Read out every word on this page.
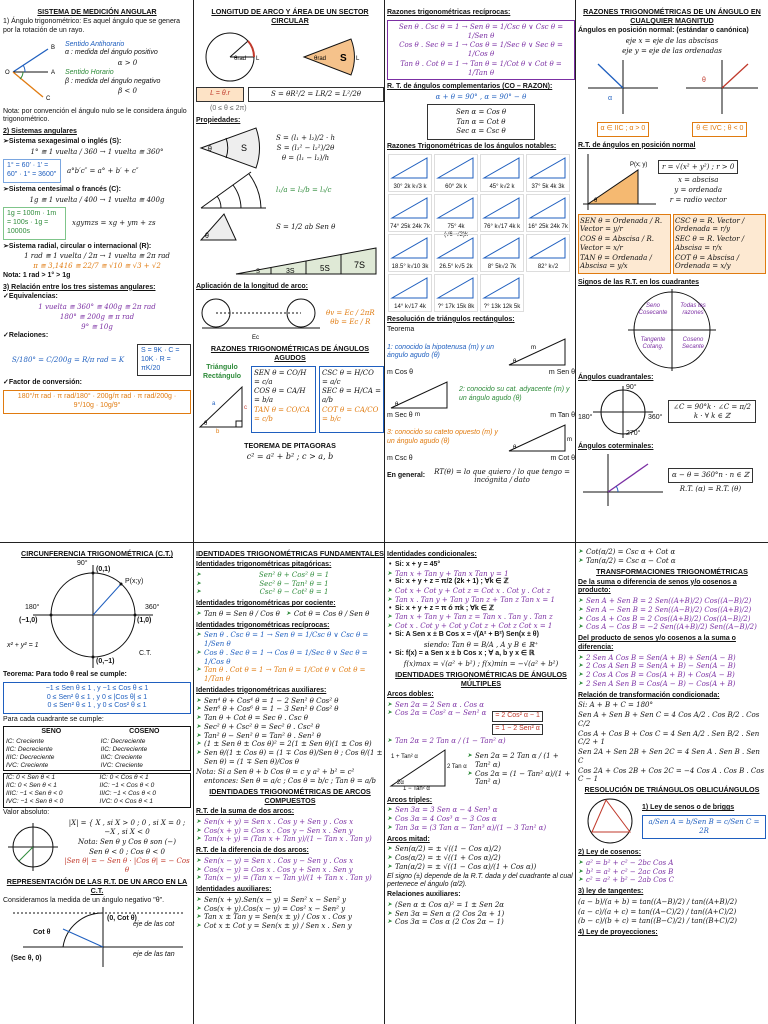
SISTEMA DE MEDICIÓN ANGULAR
1) Ángulo trigonométrico: Es aquel ángulo que se genera por la rotación de un rayo.
O
B
A
C
Sentido Antihorario
α : medida del ángulo positivo
α > 0
Sentido Horario
β : medida del ángulo negativo
β < 0
Nota: por convención el ángulo nulo se le considera ángulo trigonométrico.
2) Sistemas angulares
➢Sistema sexagesimal o inglés (S):
1° ≅ 1 vuelta / 360 → 1 vuelta ≅ 360°
1° = 60′ · 1′ = 60″ · 1° = 3600″	a°b′c″ = a° + b′ + c″
➢Sistema centesimal o francés (C):
1g ≅ 1 vuelta / 400 → 1 vuelta ≅ 400g
1g = 100m · 1m = 100s · 1g = 10000s
xgymzs = xg + ym + zs
➢Sistema radial, circular o internacional (R):
1 rad ≅ 1 vuelta / 2π → 1 vuelta ≅ 2π rad
π ≅ 3,1416 ≅ 22/7 ≅ √10 ≅ √3 + √2
Nota: 1 rad > 1° > 1g
3) Relación entre los tres sistemas angulares:
✓Equivalencias:
1 vuelta ≅ 360° ≅ 400g ≅ 2π rad
180° ≅ 200g ≅ π rad
9° ≅ 10g
✓Relaciones:
S/180° = C/200g = R/π rad = K
S = 9K · C = 10K · R = πK/20
✓Factor de conversión:
180°/π rad · π rad/180° · 200g/π rad · π rad/200g · 9°/10g · 10g/9°
LONGITUD DE ARCO Y ÁREA DE UN SECTOR CIRCULAR
θrad L	θrad S L
L = θ.r	S = θR²/2 = LR/2 = L²/2θ
(0 ≤ θ ≤ 2π)
Propiedades:
θ	S
S = (l₁ + l₂)/2 · h
S = (l₁² − l₂²)/2θ
θ = (l₁ − l₂)/h
l₁/a = l₂/b = l₃/c
θ
S = 1/2 ab Sen θ
S	3S	5S	7S
Aplicación de la longitud de arco:
Ec
θv = Ec / 2πR
θb = Ec / R
RAZONES TRIGONOMÉTRICAS DE ÁNGULOS AGUDOS
Triángulo Rectángulo
θ
b
c
a
SEN θ = CO/H = c/a
COS θ = CA/H = b/a
TAN θ = CO/CA = c/b
CSC θ = H/CO = a/c
SEC θ = H/CA = a/b
COT θ = CA/CO = b/c
TEOREMA DE PITAGORAS
c² = a² + b² ; c > a, b
Razones trigonométricas recíprocas:
Sen θ . Csc θ = 1 → Sen θ = 1/Csc θ ∨ Csc θ = 1/Sen θ
Cos θ . Sec θ = 1 → Cos θ = 1/Sec θ ∨ Sec θ = 1/Cos θ
Tan θ . Cot θ = 1 → Tan θ = 1/Cot θ ∨ Cot θ = 1/Tan θ
R. T. de ángulos complementarios (CO – RAZON):
α + θ = 90° , α = 90° − θ
Sen α = Cos θ
Tan α = Cot θ
Sec α = Csc θ
Razones Trigonométricas de los ángulos notables:
30° 2k k√3 k	60° 2k k	45° k√2 k	37° 5k 4k 3k
74° 25k 24k 7k	75° 4k (√6−√2)k
76° k√17 4k k	16° 25k 24k 7k
18.5° k√10 3k	26.5° k√5 2k	8° 5k√2 7k	82° k√2
14° k√17 4k	?° 17k 15k 8k	?° 13k 12k 5k
Resolución de triángulos rectángulos:
Teorema
1: conocido la hipotenusa (m) y un ángulo agudo (θ)
θ
m
m Cos θ	m Sen θ
θ
m
2: conocido su cat. adyacente (m) y un ángulo agudo (θ)
m Sec θ	m Tan θ
3: conocido su cateto opuesto (m) y un ángulo agudo (θ)
θ
m
m Csc θ	m Cot θ
En general:	RT(θ) = lo que quiero / lo que tengo = incógnita / dato
RAZONES TRIGONOMÉTRICAS DE UN ÁNGULO EN CUALQUIER MAGNITUD
Ángulos en posición normal: (estándar o canónica)
eje x = eje de las abscisas
eje y = eje de las ordenadas
α
θ
α ∈ IIC ; α > 0	θ ∈ IVC ; θ < 0
R.T. de ángulos en posición normal
θ
P(x; y)	r = √(x² + y²) ; r > 0
x = abscisa
y = ordenada
r = radio vector
SEN θ = Ordenada / R. Vector = y/r
COS θ = Abscisa / R. Vector = x/r
TAN θ = Ordenada / Abscisa = y/x
CSC θ = R. Vector / Ordenada = r/y
SEC θ = R. Vector / Abscisa = r/x
COT θ = Abscisa / Ordenada = x/y
Signos de las R.T. en los cuadrantes
Seno Cosecante
Todas las razones
Tangente Cotang.
Coseno Secante
Ángulos cuadrantales:
90°
180°
270°
360°
∠C = 90°k · ∠C = π/2 k · ∀ k ∈ ℤ
Ángulos coterminales:
α − θ = 360°n · n ∈ ℤ
R.T. (α) = R.T. (θ)
CIRCUNFERENCIA TRIGONOMÉTRICA (C.T.)
(0,1)
(−1,0)	(1,0)
(0,−1)
P(x;y)
C.T.
90°
180°	360°
x² + y² = 1
Teorema: Para todo θ real se cumple:
−1 ≤ Sen θ ≤ 1 , y −1 ≤ Cos θ ≤ 1
0 ≤ Sen² θ ≤ 1 , y 0 ≤ |Cos θ| ≤ 1
0 ≤ Sen² θ ≤ 1 , y 0 ≤ Cos² θ ≤ 1
Para cada cuadrante se cumple:
SENO	COSENO
IC: Creciente	IC: Decreciente
IIC: Decreciente	IIC: Decreciente
IIIC: Decreciente	IIIC: Creciente
IVC: Creciente	IVC: Creciente
IC: 0 < Sen θ < 1	IC: 0 < Cos θ < 1
IIC: 0 < Sen θ < 1	IIC: −1 < Cos θ < 0
IIIC: −1 < Sen θ < 0	IIIC: −1 < Cos θ < 0
IVC: −1 < Sen θ < 0	IVC: 0 < Cos θ < 1
Valor absoluto:
|X| = { X , si X > 0 ; 0 , si X = 0 ; −X , si X < 0
Nota: Sen θ y Cos θ son (−)
Sen θ < 0 ; Cos θ < 0
|Sen θ| = − Sen θ · |Cos θ| = − Cos θ
REPRESENTACIÓN DE LAS R.T. DE UN ARCO EN LA C.T.
Consideramos la medida de un ángulo negativo "θ".
(0, Cot θ)
Cot θ
(Sec θ, 0)
eje de las cot
eje de las tan
IDENTIDADES TRIGONOMÉTRICAS FUNDAMENTALES
Identidades trigonométricas pitagóricas:
➤ Sen² θ + Cos² θ = 1
➤ Sec² θ − Tan² θ = 1
➤ Csc² θ − Cot² θ = 1
Identidades trigonométricas por cociente:
➤ Tan θ = Sen θ / Cos θ ➤ Cot θ = Cos θ / Sen θ
Identidades trigonométricas recíprocas:
➤ Sen θ . Csc θ = 1 → Sen θ = 1/Csc θ ∨ Csc θ = 1/Sen θ
➤ Cos θ . Sec θ = 1 → Cos θ = 1/Sec θ ∨ Sec θ = 1/Cos θ
➤ Tan θ . Cot θ = 1 → Tan θ = 1/Cot θ ∨ Cot θ = 1/Tan θ
Identidades trigonométricas auxiliares:
➤ Sen⁴ θ + Cos⁴ θ = 1 − 2 Sen² θ Cos² θ
➤ Sen⁶ θ + Cos⁶ θ = 1 − 3 Sen² θ Cos² θ
➤ Tan θ + Cot θ = Sec θ . Csc θ
➤ Sec² θ + Csc² θ = Sec² θ . Csc² θ
➤ Tan² θ − Sen² θ = Tan² θ . Sen² θ
➤ (1 ± Sen θ ± Cos θ)² = 2(1 ± Sen θ)(1 ± Cos θ)
➤ Sen θ/(1 ± Cos θ) = (1 ∓ Cos θ)/Sen θ ; Cos θ/(1 ± Sen θ) = (1 ∓ Sen θ)/Cos θ
Nota: Si a Sen θ + b Cos θ = c y a² + b² = c²
entonces: Sen θ = a/c ; Cos θ = b/c ; Tan θ = a/b
IDENTIDADES TRIGONOMÉTRICAS DE ARCOS COMPUESTOS
R.T. de la suma de dos arcos:
➤ Sen(x + y) = Sen x . Cos y + Sen y . Cos x
➤ Cos(x + y) = Cos x . Cos y − Sen x . Sen y
➤ Tan(x + y) = (Tan x + Tan y)/(1 − Tan x . Tan y)
R.T. de la diferencia de dos arcos:
➤ Sen(x − y) = Sen x . Cos y − Sen y . Cos x
➤ Cos(x − y) = Cos x . Cos y + Sen x . Sen y
➤ Tan(x − y) = (Tan x − Tan y)/(1 + Tan x . Tan y)
Identidades auxiliares:
➤ Sen(x + y).Sen(x − y) = Sen² x − Sen² y
➤ Cos(x + y).Cos(x − y) = Cos² x − Sen² y
➤ Tan x ± Tan y = Sen(x ± y) / Cos x . Cos y
➤ Cot x ± Cot y = Sen(x ± y) / Sen x . Sen y
Identidades condicionales:
• Si: x + y = 45°
➤ Tan x + Tan y + Tan x Tan y = 1
• Si: x + y + z = π/2 (2k + 1) ; ∀k ∈ ℤ
➤ Cot x + Cot y + Cot z = Cot x . Cot y . Cot z
➤ Tan x . Tan y + Tan y Tan z + Tan z Tan x = 1
• Si: x + y + z = π ó πk ; ∀k ∈ ℤ
➤ Tan x + Tan y + Tan z = Tan x . Tan y . Tan z
➤ Cot x . Cot y + Cot y Cot z + Cot z Cot x = 1
• Si: A Sen x ± B Cos x = √(A² + B²) Sen(x ± θ)
siendo: Tan θ = B/A , A y B ∈ ℝ⁺
• Si: f(x) = a Sen x ± b Cos x ; ∀ a, b y x ∈ ℝ
f(x)max = √(a² + b²) ; f(x)min = −√(a² + b²)
IDENTIDADES TRIGONOMÉTRICAS DE ÁNGULOS MÚLTIPLES
Arcos dobles:
➤ Sen 2α = 2 Sen α . Cos α
➤ Cos 2α = Cos² α − Sen² α	= 2 Cos² α − 1
= 1 − 2 Sen² α
➤ Tan 2α = 2 Tan α / (1 − Tan² α)
2α
1 + Tan² α
2 Tan α
1 − Tan² α
➤ Sen 2α = 2 Tan α / (1 + Tan² α)
➤ Cos 2α = (1 − Tan² α)/(1 + Tan² α)
Arcos triples:
➤ Sen 3α = 3 Sen α − 4 Sen³ α
➤ Cos 3α = 4 Cos³ α − 3 Cos α
➤ Tan 3α = (3 Tan α − Tan³ α)/(1 − 3 Tan² α)
Arcos mitad:
➤ Sen(α/2) = ± √((1 − Cos α)/2)
➤ Cos(α/2) = ± √((1 + Cos α)/2)
➤ Tan(α/2) = ± √((1 − Cos α)/(1 + Cos α))
El signo (±) depende de la R.T. dada y del cuadrante al cual pertenece el ángulo (α/2).
Relaciones auxiliares:
➤ (Sen α ± Cos α)² = 1 ± Sen 2α
➤ Sen 3α = Sen α (2 Cos 2α + 1)
➤ Cos 3α = Cos α (2 Cos 2α − 1)
➤ Cot(α/2) = Csc α + Cot α
➤ Tan(α/2) = Csc α − Cot α
TRANSFORMACIONES TRIGONOMÉTRICAS
De la suma o diferencia de senos y/o cosenos a producto:
➤ Sen A + Sen B = 2 Sen((A+B)/2) Cos((A−B)/2)
➤ Sen A − Sen B = 2 Sen((A−B)/2) Cos((A+B)/2)
➤ Cos A + Cos B = 2 Cos((A+B)/2) Cos((A−B)/2)
➤ Cos A − Cos B = −2 Sen((A+B)/2) Sen((A−B)/2)
Del producto de senos y/o cosenos a la suma o diferencia:
➤ 2 Sen A Cos B = Sen(A + B) + Sen(A − B)
➤ 2 Cos A Sen B = Sen(A + B) − Sen(A − B)
➤ 2 Cos A Cos B = Cos(A + B) + Cos(A − B)
➤ 2 Sen A Sen B = Cos(A − B) − Cos(A + B)
Relación de transformación condicionada:
Si: A + B + C = 180°
Sen A + Sen B + Sen C = 4 Cos A/2 . Cos B/2 . Cos C/2
Cos A + Cos B + Cos C = 4 Sen A/2 . Sen B/2 . Sen C/2 + 1
Sen 2A + Sen 2B + Sen 2C = 4 Sen A . Sen B . Sen C
Cos 2A + Cos 2B + Cos 2C = −4 Cos A . Cos B . Cos C − 1
RESOLUCIÓN DE TRIÁNGULOS OBLICUÁNGULOS
1) Ley de senos o de briggs
a/Sen A = b/Sen B = c/Sen C = 2R
2) Ley de cosenos:
➤ a² = b² + c² − 2bc Cos A
➤ b² = a² + c² − 2ac Cos B
➤ c² = a² + b² − 2ab Cos C
3) ley de tangentes:
(a − b)/(a + b) = tan((A−B)/2) / tan((A+B)/2)
(a − c)/(a + c) = tan((A−C)/2) / tan((A+C)/2)
(b − c)/(b + c) = tan((B−C)/2) / tan((B+C)/2)
4) Ley de proyecciones:
